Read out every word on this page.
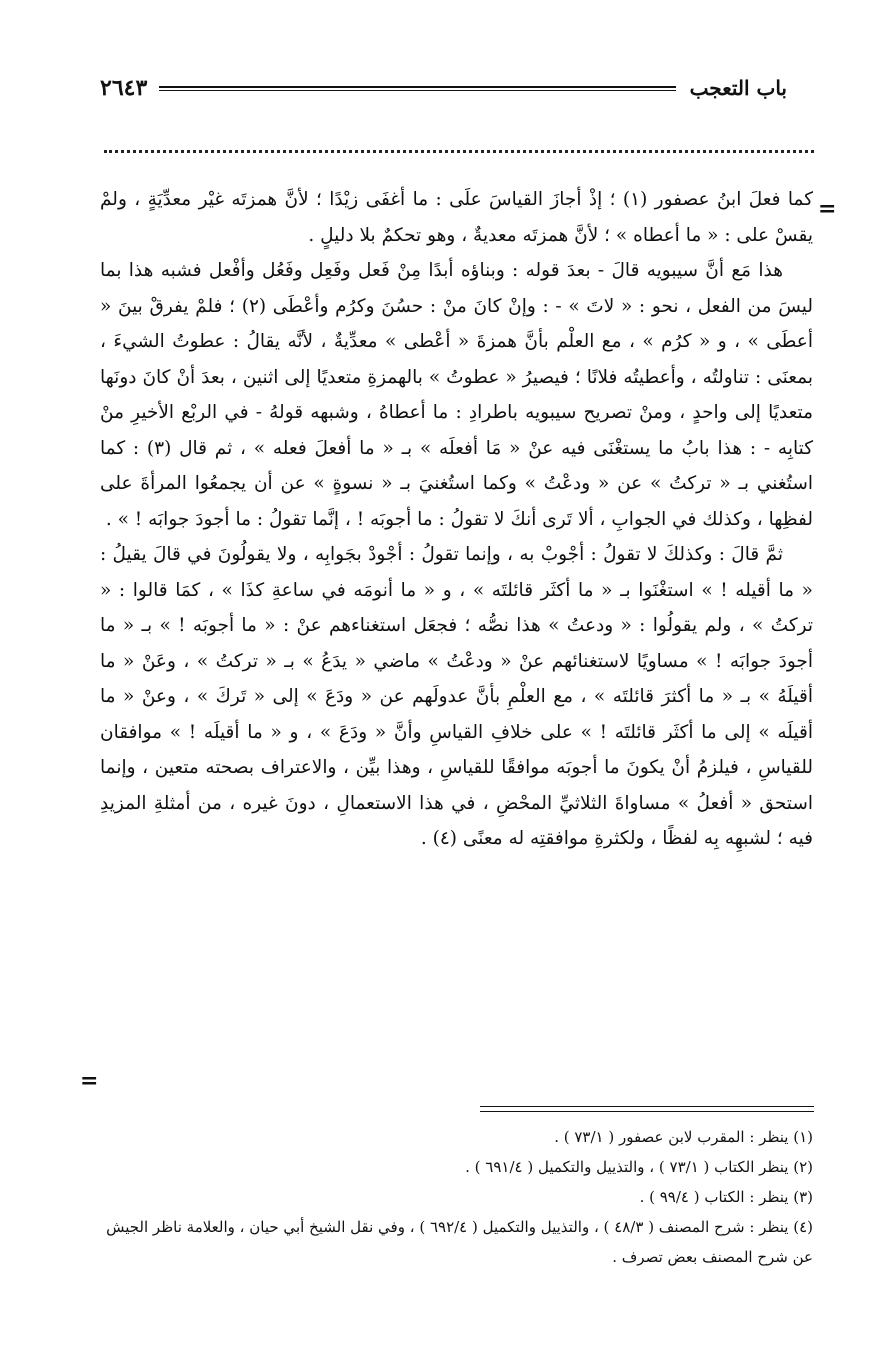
باب التعجب
٢٦٤٣
=

كما فعلَ ابنُ عصفور (١) ؛ إذْ أجازَ القياسَ علَى : ما أغفَى زيْدًا ؛ لأنَّ همزتَه غيْر معدِّيَةٍ ، ولمْ يقسْ على : « ما أعطاه » ؛ لأنَّ همزتَه معديةٌ ، وهو تحكمٌ بلا دليلٍ .

هذا مَع أنَّ سيبويه قالَ - بعدَ قوله : وبناؤه أبدًا مِنْ فَعل وفَعِل وفَعُل وأفْعل فشبه هذا بما ليسَ من الفعل ، نحو : « لاتَ » - : وإنْ كانَ منْ : حسُنَ وكرُم وأعْطَى (٢) ؛ فلمْ يفرقْ بينَ « أعطَى » ، و « كرُم » ، مع العلْم بأنَّ همزةَ « أعْطى » معدِّيةٌ ، لأنَّه يقالُ : عطوتُ الشيءَ ، بمعنَى : تناولتُه ، وأعطيتُه فلانًا ؛ فيصيرُ « عطوتُ » بالهمزةِ متعديًا إلى اثنين ، بعدَ أنْ كانَ دونَها متعديًا إلى واحدٍ ، ومنْ تصريح سيبويه باطرادِ : ما أعطاهُ ، وشبهه قولهُ - في الربْع الأخيرِ منْ كتابِه - : هذا بابُ ما يستغْنَى فيه عنْ « مَا أفعلَه » بـ « ما أفعلَ فعله » ، ثم قال (٣) : كما استُغني بـ « تركتُ » عن « ودعْتُ » وكما استُغنيَ بـ « نسوةٍ » عن أن يجمعُوا المرأةَ على لفظِها ، وكذلك في الجوابِ ، ألا تَرى أنكَ لا تقولُ : ما أجوبَه ! ، إنَّما تقولُ : ما أجودَ جوابَه ! » .

ثمَّ قالَ : وكذلكَ لا تقولُ : أجْوبْ به ، وإنما تقولُ : أجْودْ بجَوابِه ، ولا يقولُونَ في قالَ يقيلُ : « ما أقيله ! » استغْنَوا بـ « ما أكثَر قائلتَه » ، و « ما أنومَه في ساعةِ كذَا » ، كمَا قالوا : « تركتُ » ، ولم يقولُوا : « ودعتُ » هذا نصُّه ؛ فجعَل استغناءهم عنْ : « ما أجوبَه ! » بـ « ما أجودَ جوابَه ! » مساويًا لاستغنائهم عنْ « ودعْتُ » ماضي « يدَعُ » بـ « تركتُ » ، وعَنْ « ما أقيلَهُ » بـ « ما أكثرَ قائلتَه » ، مع العلْمِ بأنَّ عدولَهم عن « ودَعَ » إلى « تَركَ » ، وعنْ « ما أقيلَه » إلى ما أكثَر قائلتَه ! » على خلافِ القياسِ وأنَّ « ودَعَ » ، و « ما أقيلَه ! » موافقان للقياسِ ، فيلزمُ أنْ يكونَ ما أجوبَه موافقًا للقياسِ ، وهذا بيِّن ، والاعتراف بصحته متعين ، وإنما استحق « أفعلُ » مساواةَ الثلاثيِّ المحْضِ ، في هذا الاستعمالِ ، دونَ غيره ، من أمثلةِ المزيدِ فيه ؛ لشبهِه بِه لفظًا ، ولكثرةِ موافقتِه له معنًى (٤) .

=

(١) ينظر : المقرب لابن عصفور ( ٧٣/١ ) .

(٢) ينظر الكتاب ( ٧٣/١ ) ، والتذييل والتكميل ( ٦٩١/٤ ) .

(٣) ينظر : الكتاب ( ٩٩/٤ ) .

(٤) ينظر : شرح المصنف ( ٤٨/٣ ) ، والتذييل والتكميل ( ٦٩٢/٤ ) ، وفي نقل الشيخ أبي حيان ، والعلامة ناظر الجيش عن شرح المصنف بعض تصرف .
